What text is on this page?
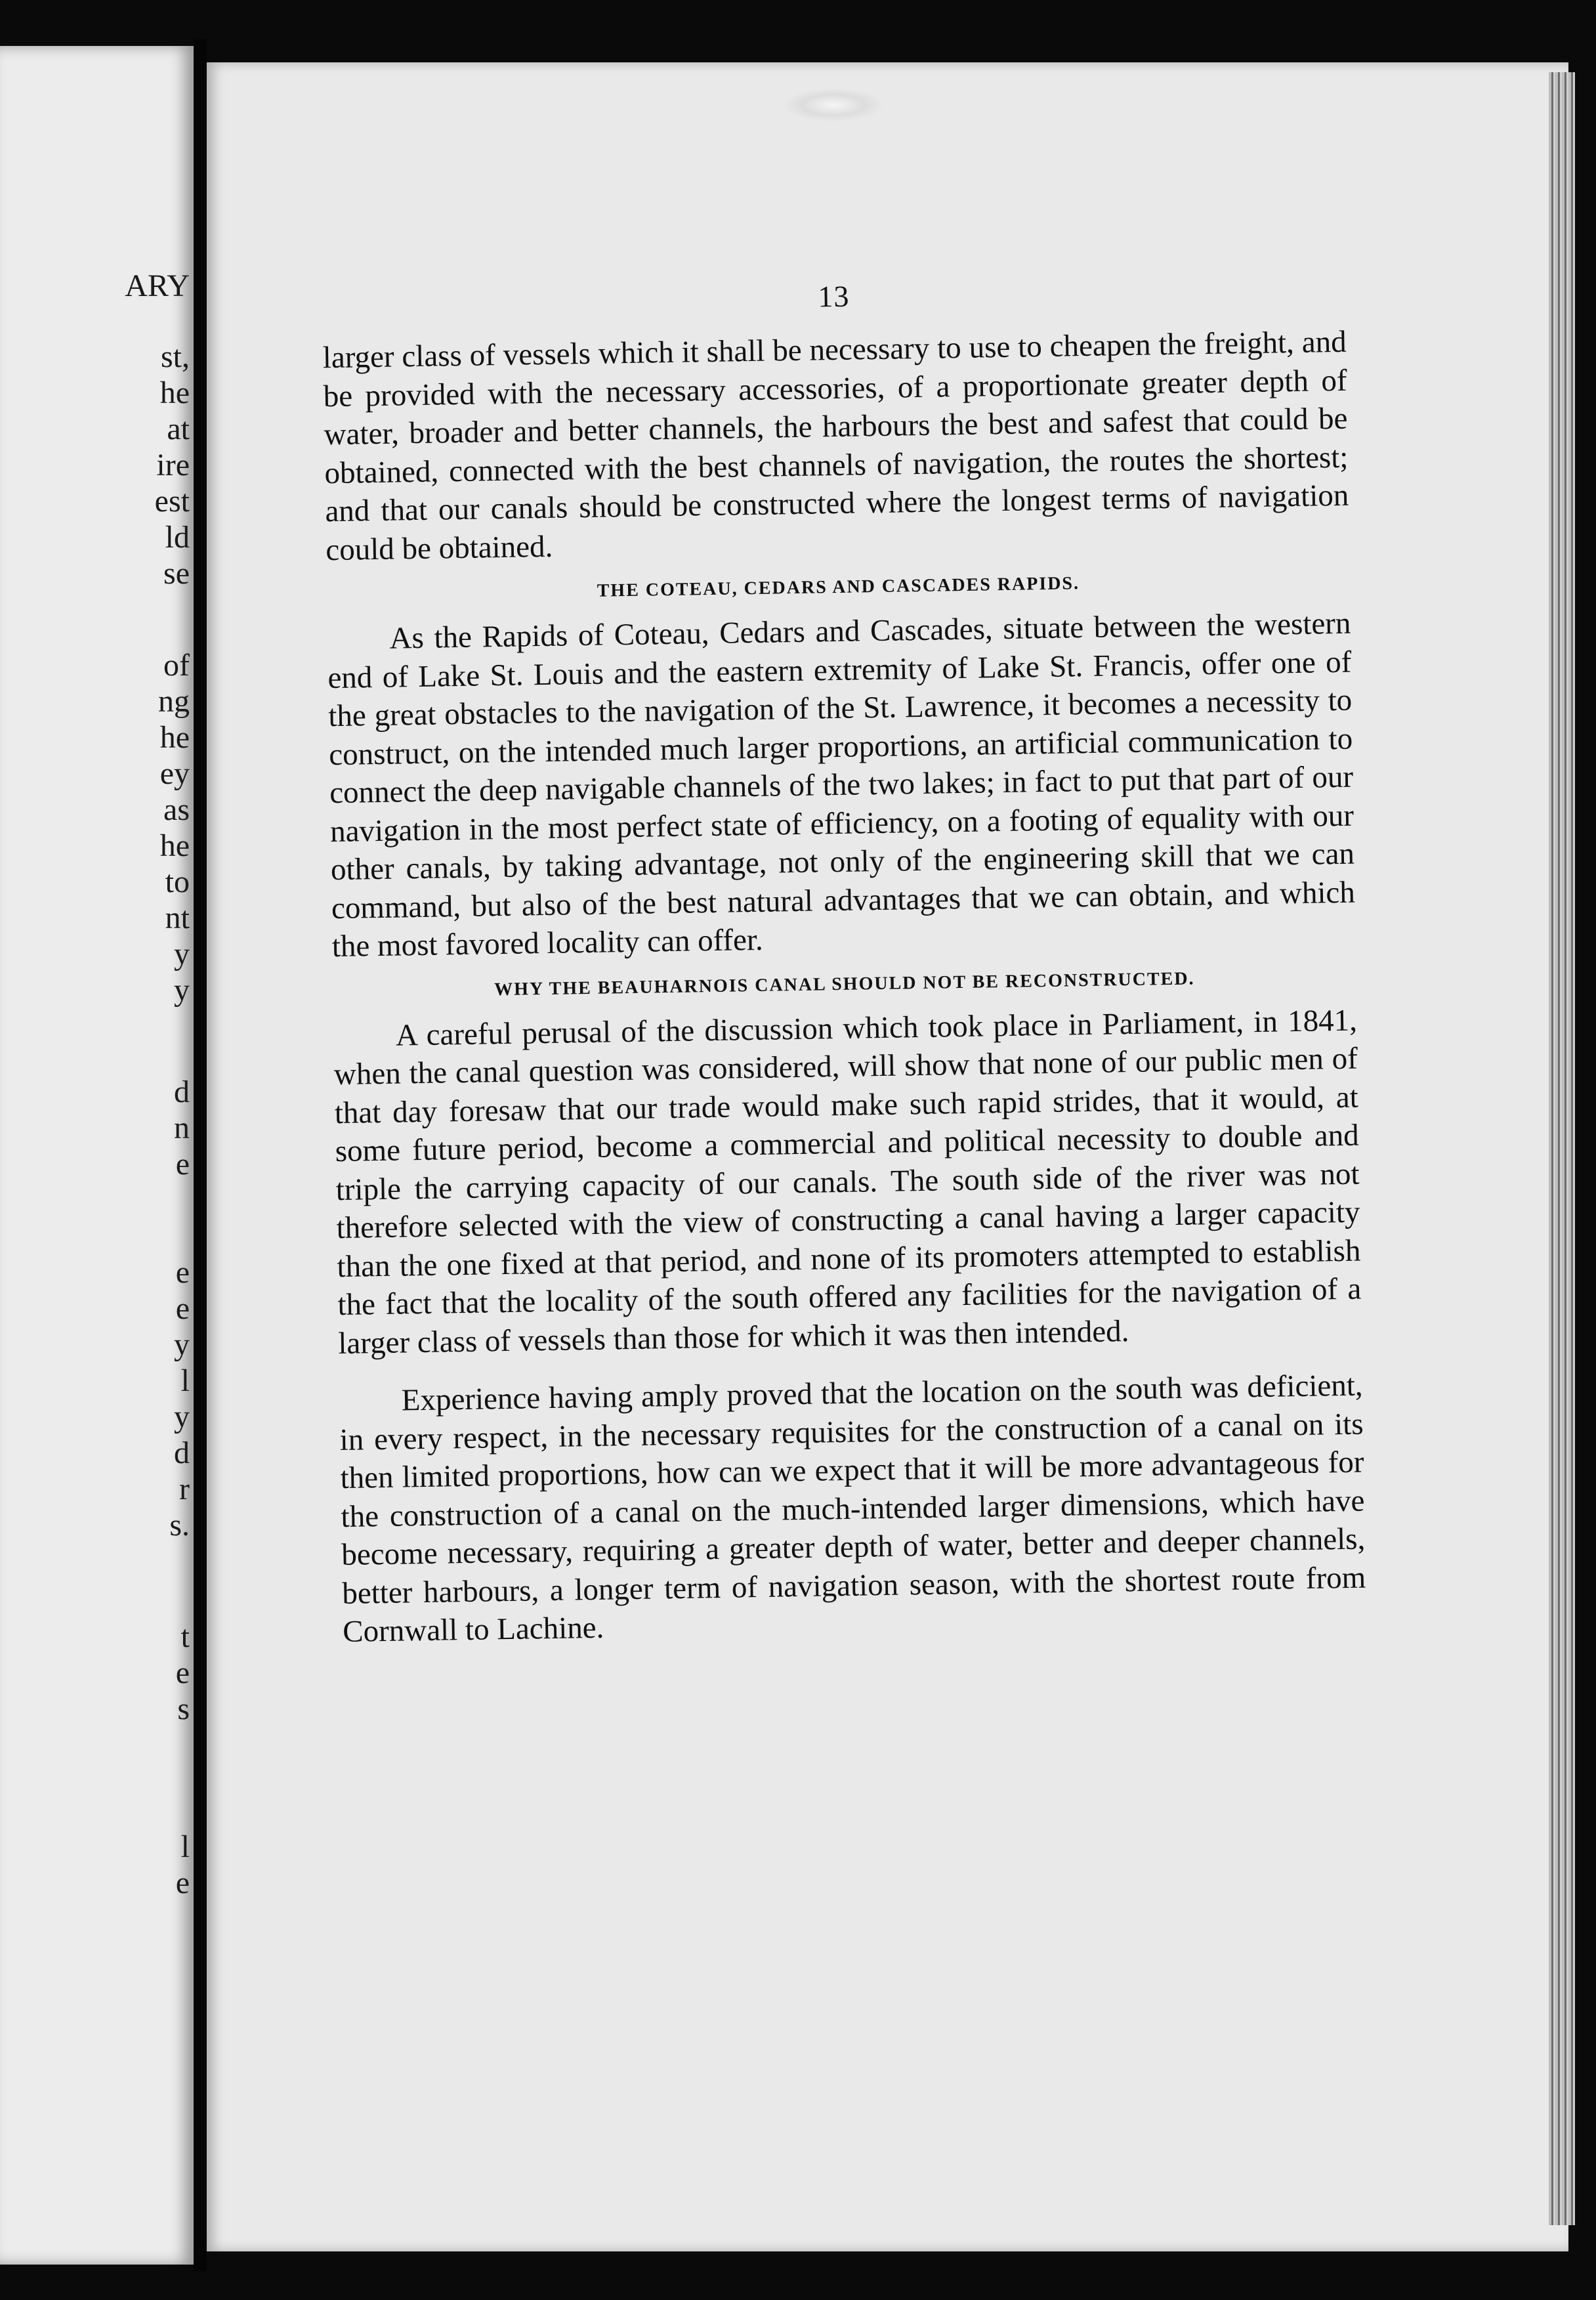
ARY
st,
he
at
ire
est
ld
se
of
ng
he
ey
as
he
to
nt
y
y
d
n
e
e
e
y
l
y
d
r
s.
t
e
s
l
e
13

larger class of vessels which it shall be necessary to use to cheapen the freight, and be provided with the necessary accessories, of a proportionate greater depth of water, broader and better channels, the harbours the best and safest that could be obtained, connected with the best channels of navigation, the routes the shortest; and that our canals should be constructed where the longest terms of navigation could be obtained.

THE COTEAU, CEDARS AND CASCADES RAPIDS.

As the Rapids of Coteau, Cedars and Cascades, situate between the western end of Lake St. Louis and the eastern extremity of Lake St. Francis, offer one of the great obstacles to the navigation of the St. Lawrence, it becomes a necessity to construct, on the intended much larger proportions, an artificial communication to connect the deep navigable channels of the two lakes; in fact to put that part of our navigation in the most perfect state of efficiency, on a footing of equality with our other canals, by taking advantage, not only of the engineering skill that we can command, but also of the best natural advantages that we can obtain, and which the most favored locality can offer.

WHY THE BEAUHARNOIS CANAL SHOULD NOT BE RECONSTRUCTED.

A careful perusal of the discussion which took place in Parliament, in 1841, when the canal question was considered, will show that none of our public men of that day foresaw that our trade would make such rapid strides, that it would, at some future period, become a commercial and political necessity to double and triple the carrying capacity of our canals. The south side of the river was not therefore selected with the view of constructing a canal having a larger capacity than the one fixed at that period, and none of its promoters attempted to establish the fact that the locality of the south offered any facilities for the navigation of a larger class of vessels than those for which it was then intended.

Experience having amply proved that the location on the south was deficient, in every respect, in the necessary requisites for the construction of a canal on its then limited proportions, how can we expect that it will be more advantageous for the construction of a canal on the much-intended larger dimensions, which have become necessary, requiring a greater depth of water, better and deeper channels, better harbours, a longer term of navigation season, with the shortest route from Cornwall to Lachine.
